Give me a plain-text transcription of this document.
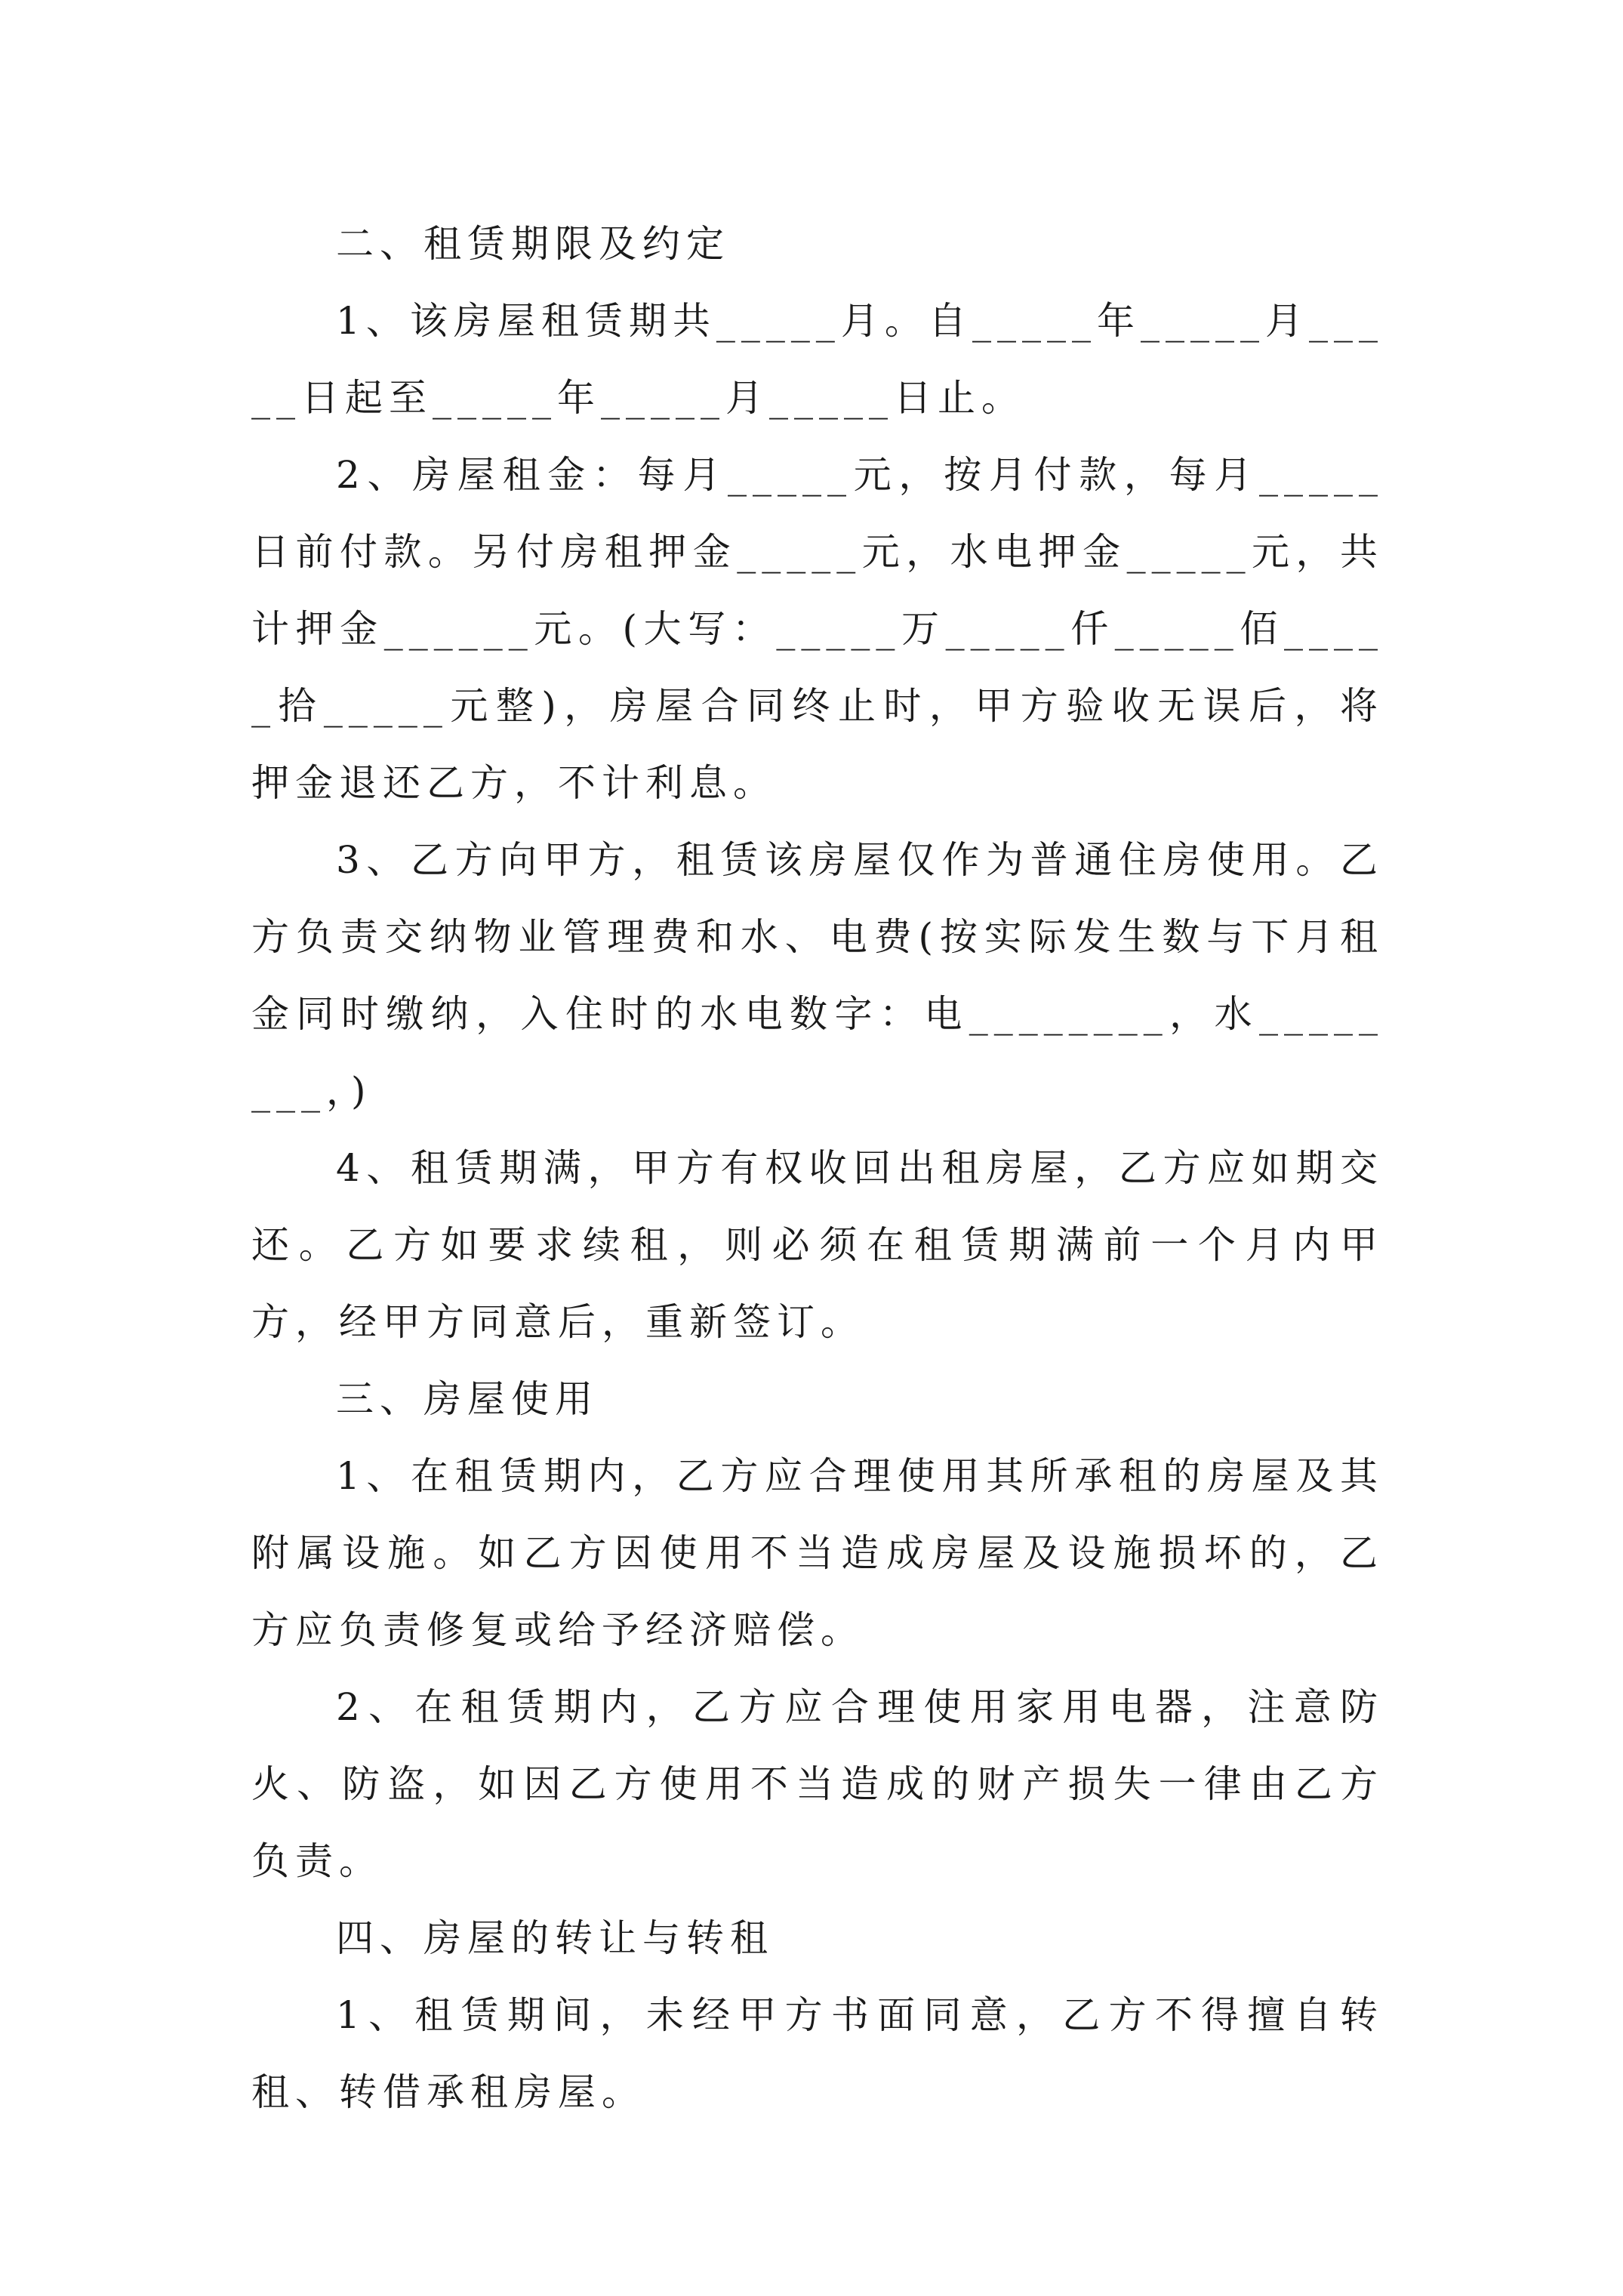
二、租赁期限及约定

1、该房屋租赁期共_____月。自_____年_____月_____日起至_____年_____月_____日止。

2、房屋租金：每月_____元，按月付款，每月_____日前付款。另付房租押金_____元，水电押金_____元，共计押金______元。(大写：_____万_____仟_____佰_____拾_____元整)，房屋合同终止时，甲方验收无误后，将押金退还乙方，不计利息。

3、乙方向甲方，租赁该房屋仅作为普通住房使用。乙方负责交纳物业管理费和水、电费(按实际发生数与下月租金同时缴纳，入住时的水电数字：电________，水________，)

4、租赁期满，甲方有权收回出租房屋，乙方应如期交还。乙方如要求续租，则必须在租赁期满前一个月内甲方，经甲方同意后，重新签订。

三、房屋使用

1、在租赁期内，乙方应合理使用其所承租的房屋及其附属设施。如乙方因使用不当造成房屋及设施损坏的，乙方应负责修复或给予经济赔偿。

2、在租赁期内，乙方应合理使用家用电器，注意防火、防盗，如因乙方使用不当造成的财产损失一律由乙方负责。

四、房屋的转让与转租

1、租赁期间，未经甲方书面同意，乙方不得擅自转租、转借承租房屋。
